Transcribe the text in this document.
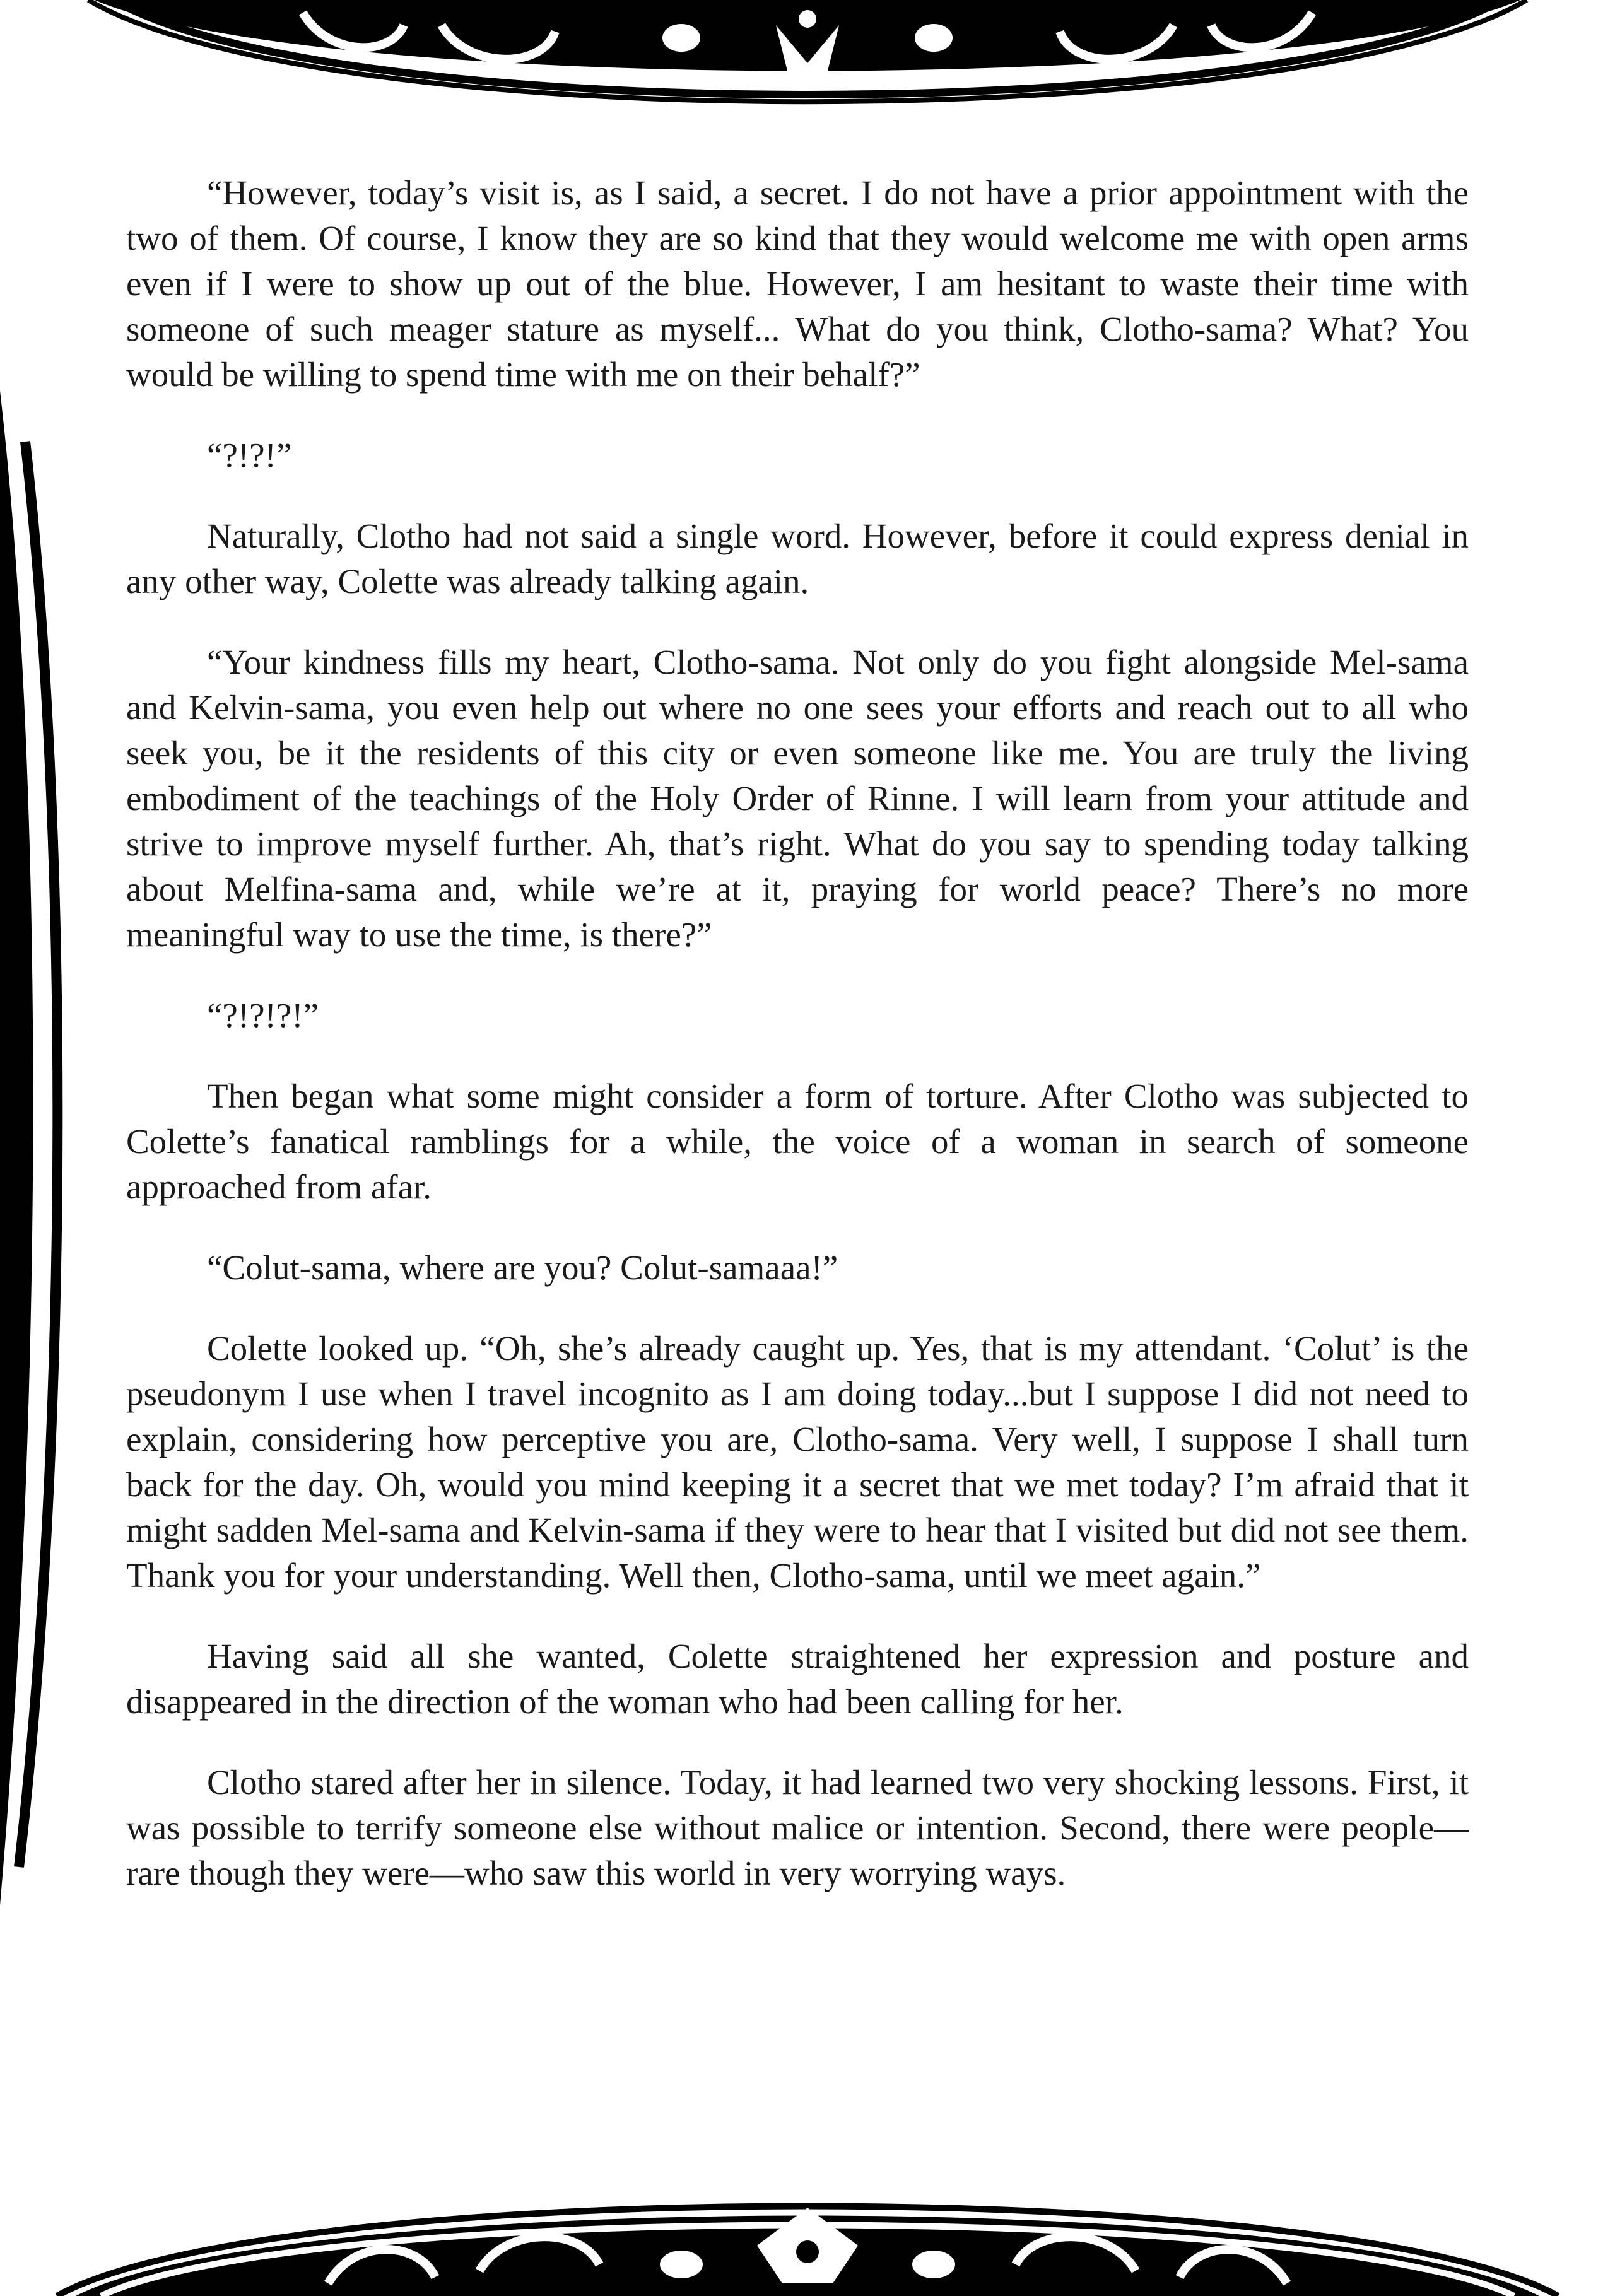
“However, today’s visit is, as I said, a secret. I do not have a prior appointment with the two of them. Of course, I know they are so kind that they would welcome me with open arms even if I were to show up out of the blue. However, I am hesitant to waste their time with someone of such meager stature as myself... What do you think, Clotho-sama? What? You would be willing to spend time with me on their behalf?”

“?!?!”

Naturally, Clotho had not said a single word. However, before it could express denial in any other way, Colette was already talking again.

“Your kindness fills my heart, Clotho-sama. Not only do you fight alongside Mel-sama and Kelvin-sama, you even help out where no one sees your efforts and reach out to all who seek you, be it the residents of this city or even someone like me. You are truly the living embodiment of the teachings of the Holy Order of Rinne. I will learn from your attitude and strive to improve myself further. Ah, that’s right. What do you say to spending today talking about Melfina-sama and, while we’re at it, praying for world peace? There’s no more meaningful way to use the time, is there?”

“?!?!?!”

Then began what some might consider a form of torture. After Clotho was subjected to Colette’s fanatical ramblings for a while, the voice of a woman in search of someone approached from afar.

“Colut-sama, where are you? Colut-samaaa!”

Colette looked up. “Oh, she’s already caught up. Yes, that is my attendant. ‘Colut’ is the pseudonym I use when I travel incognito as I am doing today...but I suppose I did not need to explain, considering how perceptive you are, Clotho-sama. Very well, I suppose I shall turn back for the day. Oh, would you mind keeping it a secret that we met today? I’m afraid that it might sadden Mel-sama and Kelvin-sama if they were to hear that I visited but did not see them. Thank you for your understanding. Well then, Clotho-sama, until we meet again.”

Having said all she wanted, Colette straightened her expression and posture and disappeared in the direction of the woman who had been calling for her.

Clotho stared after her in silence. Today, it had learned two very shocking lessons. First, it was possible to terrify someone else without malice or intention. Second, there were people—rare though they were—who saw this world in very worrying ways.
